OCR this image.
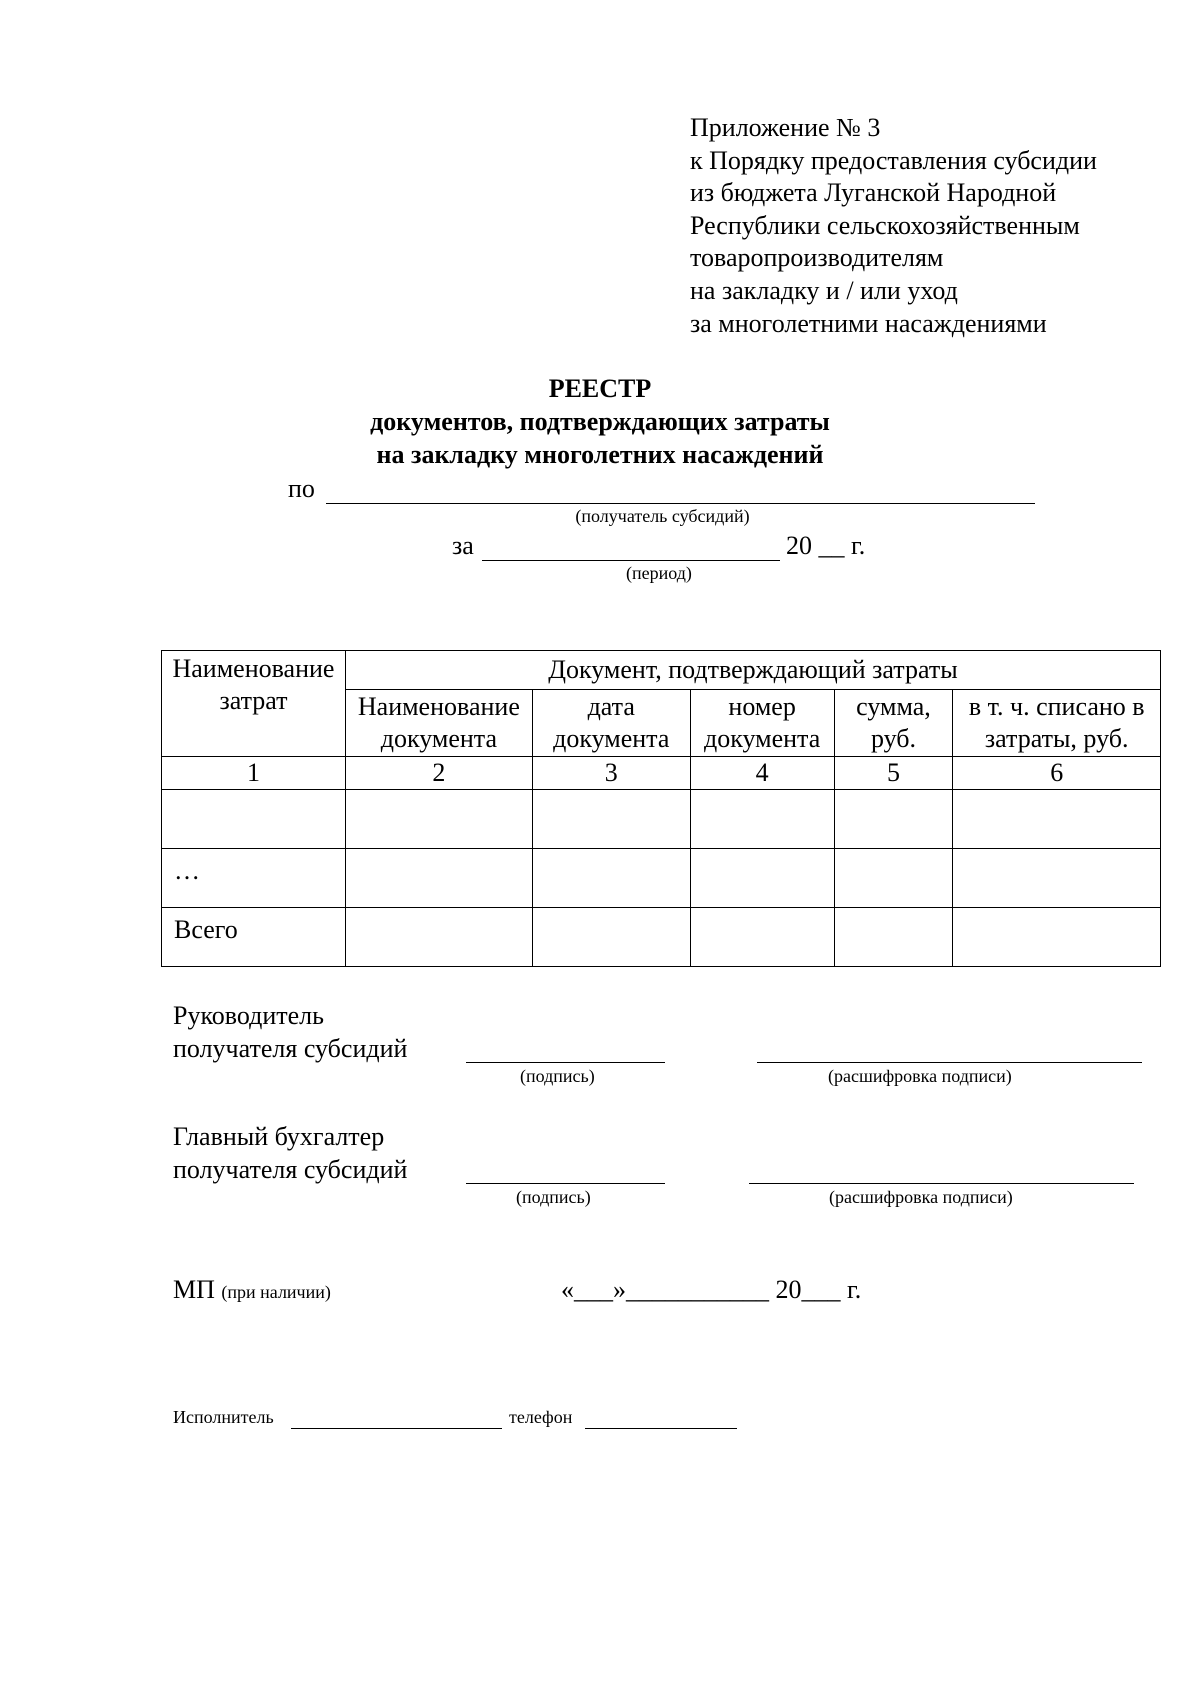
Приложение № 3
к Порядку предоставления субсидии
из бюджета Луганской Народной
Республики сельскохозяйственным
товаропроизводителям
на закладку и / или уход
за многолетними насаждениями
РЕЕСТР
документов, подтверждающих затраты
на закладку многолетних насаждений
по
(получатель субсидий)
за	20 __ г.
(период)
Наименование затрат	Документ, подтверждающий затраты				
	Наименование документа	дата документа	номер документа	сумма, руб.	в т. ч. списано в затраты, руб.
1	2	3	4	5	6

…					
Всего					
Руководитель
получателя субсидий
(подпись)	(расшифровка подписи)
Главный бухгалтер
получателя субсидий
(подпись)	(расшифровка подписи)
МП (при наличии)	«___»___________ 20___ г.
Исполнитель	телефон
